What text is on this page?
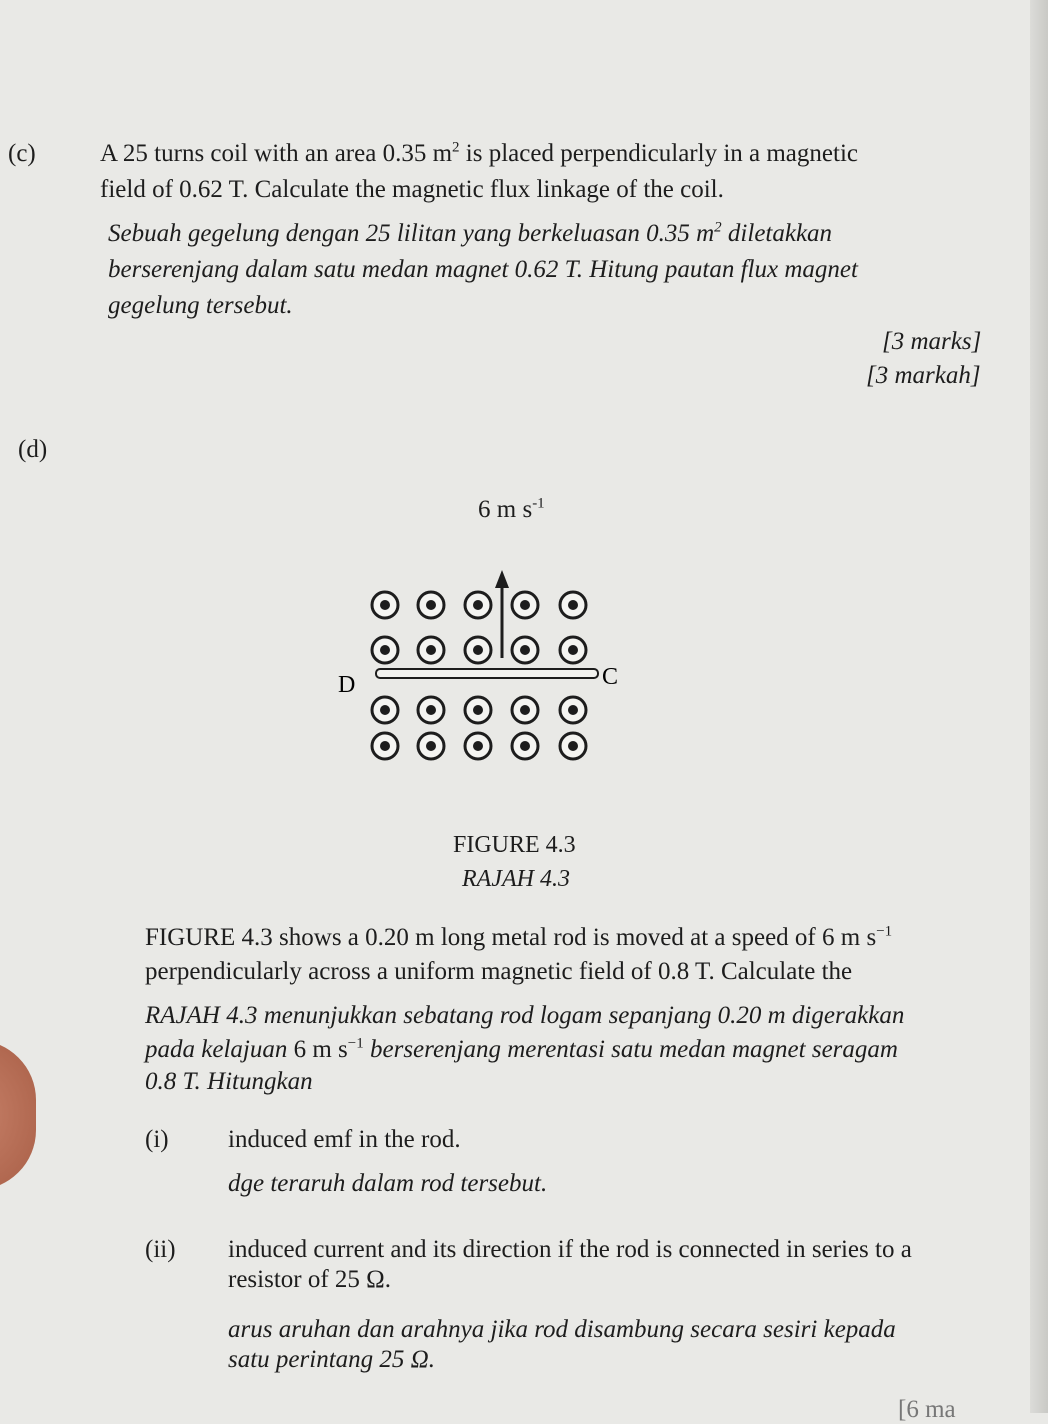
(c)	A 25 turns coil with an area 0.35 $m^2$ is placed perpendicularly in a magnetic
field of 0.62 T. Calculate the magnetic flux linkage of the coil.
Sebuah gegelung dengan 25 lilitan yang berkeluasan 0.35 $m^2$ diletakkan
berserenjang dalam satu medan magnet 0.62 T. Hitung pautan flux magnet
gegelung tersebut.
[3 marks]
[3 markah]
(d)
6 m $s^{-1}$
D	C
FIGURE 4.3
RAJAH 4.3
FIGURE 4.3 shows a 0.20 m long metal rod is moved at a speed of 6 m $s^{-1}$
perpendicularly across a uniform magnetic field of 0.8 T. Calculate the
RAJAH 4.3 menunjukkan sebatang rod logam sepanjang 0.20 m digerakkan
pada kelajuan 6 m $s^{-1}$ berserenjang merentasi satu medan magnet seragam
0.8 T. Hitungkan
(i) induced emf in the rod.
dge teraruh dalam rod tersebut.
(ii) induced current and its direction if the rod is connected in series to a
resistor of 25 Ω.
arus aruhan dan arahnya jika rod disambung secara sesiri kepada
satu perintang 25 Ω.
[6 ma
